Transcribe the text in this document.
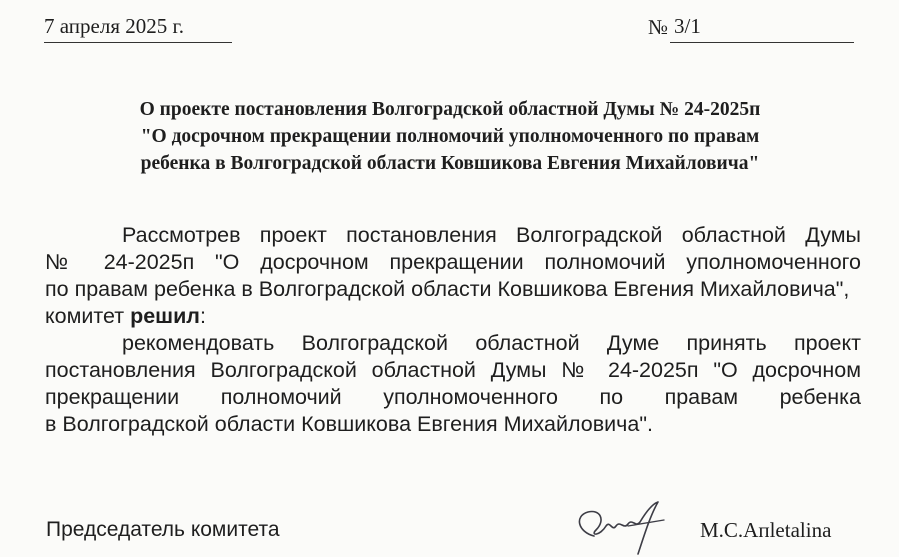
7 апреля 2025 г.	№ 3/1
О проекте постановления Волгоградской областной Думы № 24-2025п
"О досрочном прекращении полномочий уполномоченного по правам
ребенка в Волгоградской области Ковшикова Евгения Михайловича"
Рассмотрев проект постановления Волгоградской областной Думы
№ 24-2025п "О досрочном прекращении полномочий уполномоченного
по правам ребенка в Волгоградской области Ковшикова Евгения Михайловича",
комитет решил:
рекомендовать Волгоградской областной Думе принять проект
постановления Волгоградской областной Думы № 24-2025п "О досрочном
прекращении полномочий уполномоченного по правам ребенка
в Волгоградской области Ковшикова Евгения Михайловича".
Председатель комитета	М.С.Апletalina
